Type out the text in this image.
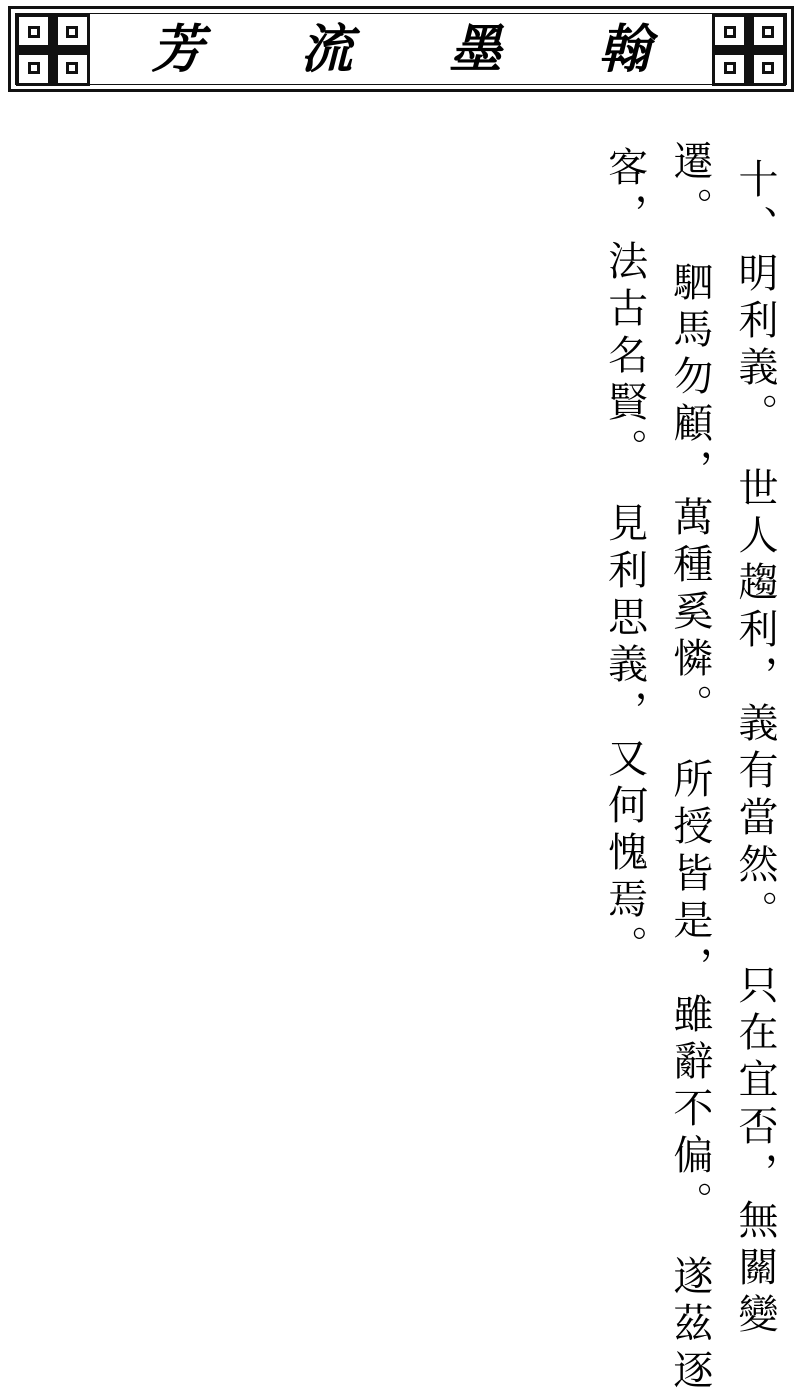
芳 流 墨 翰
十、明利義。　世人趨利，義有當然。　只在宜否，無關變
遷。　駟馬勿顧，萬種奚憐。　所授皆是，雖辭不偏。　遂茲逐
客，法古名賢。　見利思義，又何愧焉。
